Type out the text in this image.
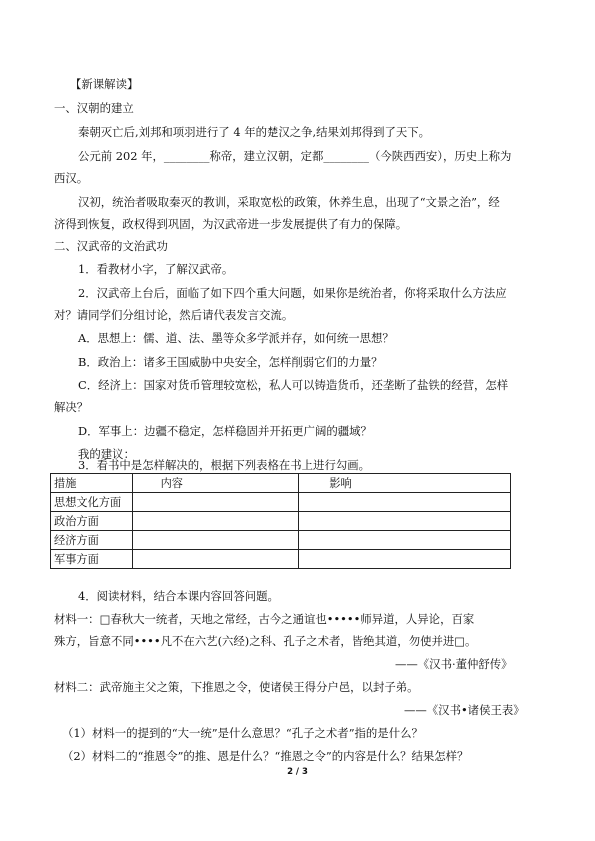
【新课解读】
一、汉朝的建立
秦朝灭亡后,刘邦和项羽进行了 4 年的楚汉之争,结果刘邦得到了天下。
公元前 202 年，________称帝，建立汉朝，定都________（今陕西西安），历史上称为
西汉。
汉初，统治者吸取秦灭的教训，采取宽松的政策，休养生息，出现了“文景之治”，经
济得到恢复，政权得到巩固，为汉武帝进一步发展提供了有力的保障。
二、汉武帝的文治武功
1．看教材小字，了解汉武帝。
2．汉武帝上台后，面临了如下四个重大问题，如果你是统治者，你将采取什么方法应
对？请同学们分组讨论，然后请代表发言交流。
A．思想上：儒、道、法、墨等众多学派并存，如何统一思想？
B．政治上：诸多王国威胁中央安全，怎样削弱它们的力量？
C．经济上：国家对货币管理较宽松，私人可以铸造货币，还垄断了盐铁的经营，怎样
解决？
D．军事上：边疆不稳定，怎样稳固并开拓更广阔的疆域？
我的建议：
3．看书中是怎样解决的，根据下列表格在书上进行勾画。
措施	内容	影响
思想文化方面		
政治方面		
经济方面		
军事方面		
4．阅读材料，结合本课内容回答问题。
材料一：□春秋大一统者，天地之常经，古今之通谊也•••••师异道，人异论，百家
殊方，旨意不同••••凡不在六艺(六经)之科、孔子之术者，皆绝其道，勿使并进□。
——《汉书·董仲舒传》
材料二：武帝施主父之策，下推恩之令，使诸侯王得分户邑，以封子弟。
——《汉书•诸侯王表》
（1）材料一的提到的“大一统”是什么意思？“孔子之术者”指的是什么？
（2）材料二的“推恩令”的推、恩是什么？“推恩之令”的内容是什么？结果怎样？
2 / 3
